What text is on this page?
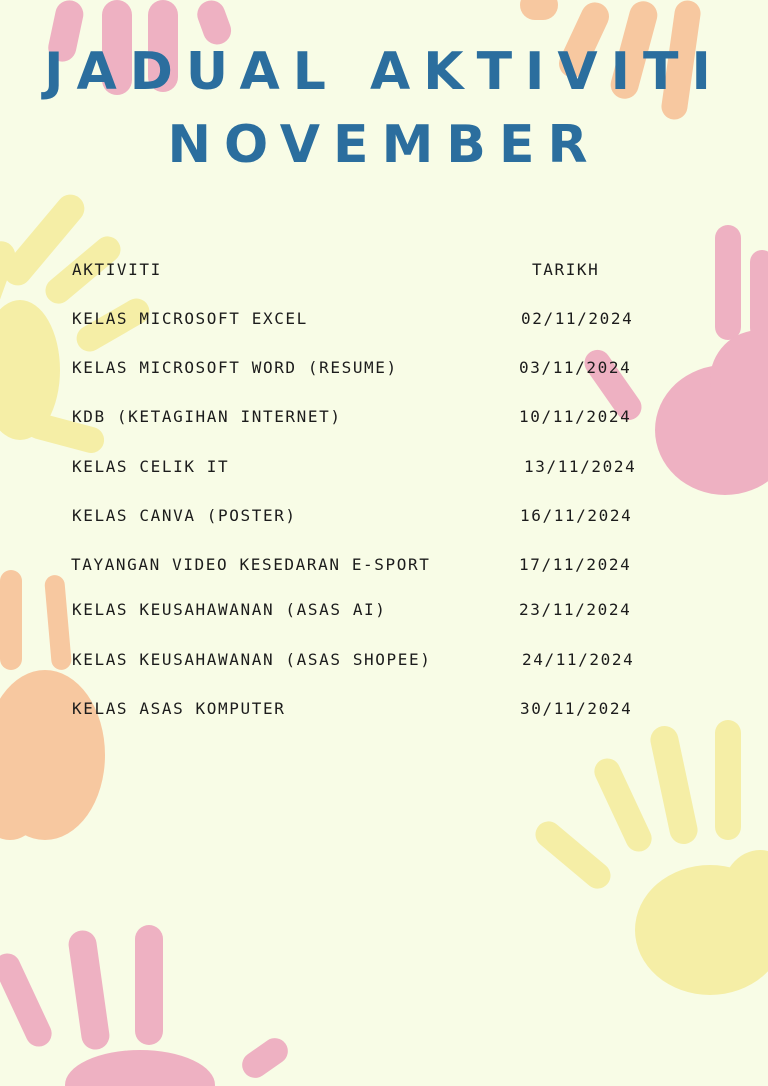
JADUAL AKTIVITI
NOVEMBER
AKTIVITI	TARIKH
KELAS MICROSOFT EXCEL	02/11/2024
KELAS MICROSOFT WORD (RESUME)	03/11/2024
KDB (KETAGIHAN INTERNET)	10/11/2024
KELAS CELIK IT	13/11/2024
KELAS CANVA (POSTER)	16/11/2024
TAYANGAN VIDEO KESEDARAN E-SPORT	17/11/2024
KELAS KEUSAHAWANAN (ASAS AI)	23/11/2024
KELAS KEUSAHAWANAN (ASAS SHOPEE)	24/11/2024
KELAS ASAS KOMPUTER	30/11/2024
